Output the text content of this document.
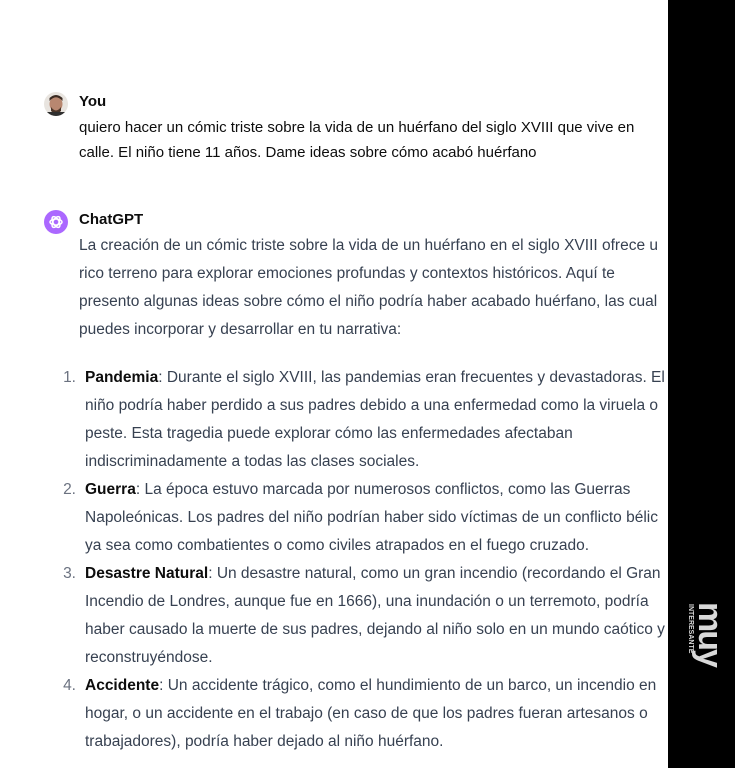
You
quiero hacer un cómic triste sobre la vida de un huérfano del siglo XVIII que vive en
calle. El niño tiene 11 años. Dame ideas sobre cómo acabó huérfano
ChatGPT
La creación de un cómic triste sobre la vida de un huérfano en el siglo XVIII ofrece u
rico terreno para explorar emociones profundas y contextos históricos. Aquí te
presento algunas ideas sobre cómo el niño podría haber acabado huérfano, las cual
puedes incorporar y desarrollar en tu narrativa:
1. Pandemia: Durante el siglo XVIII, las pandemias eran frecuentes y devastadoras. El
niño podría haber perdido a sus padres debido a una enfermedad como la viruela o
peste. Esta tragedia puede explorar cómo las enfermedades afectaban
indiscriminadamente a todas las clases sociales.
2. Guerra: La época estuvo marcada por numerosos conflictos, como las Guerras
Napoleónicas. Los padres del niño podrían haber sido víctimas de un conflicto bélic
ya sea como combatientes o como civiles atrapados en el fuego cruzado.
3. Desastre Natural: Un desastre natural, como un gran incendio (recordando el Gran
Incendio de Londres, aunque fue en 1666), una inundación o un terremoto, podría
haber causado la muerte de sus padres, dejando al niño solo en un mundo caótico y
reconstruyéndose.
4. Accidente: Un accidente trágico, como el hundimiento de un barco, un incendio en
hogar, o un accidente en el trabajo (en caso de que los padres fueran artesanos o
trabajadores), podría haber dejado al niño huérfano.
muy
INTERESANTE
